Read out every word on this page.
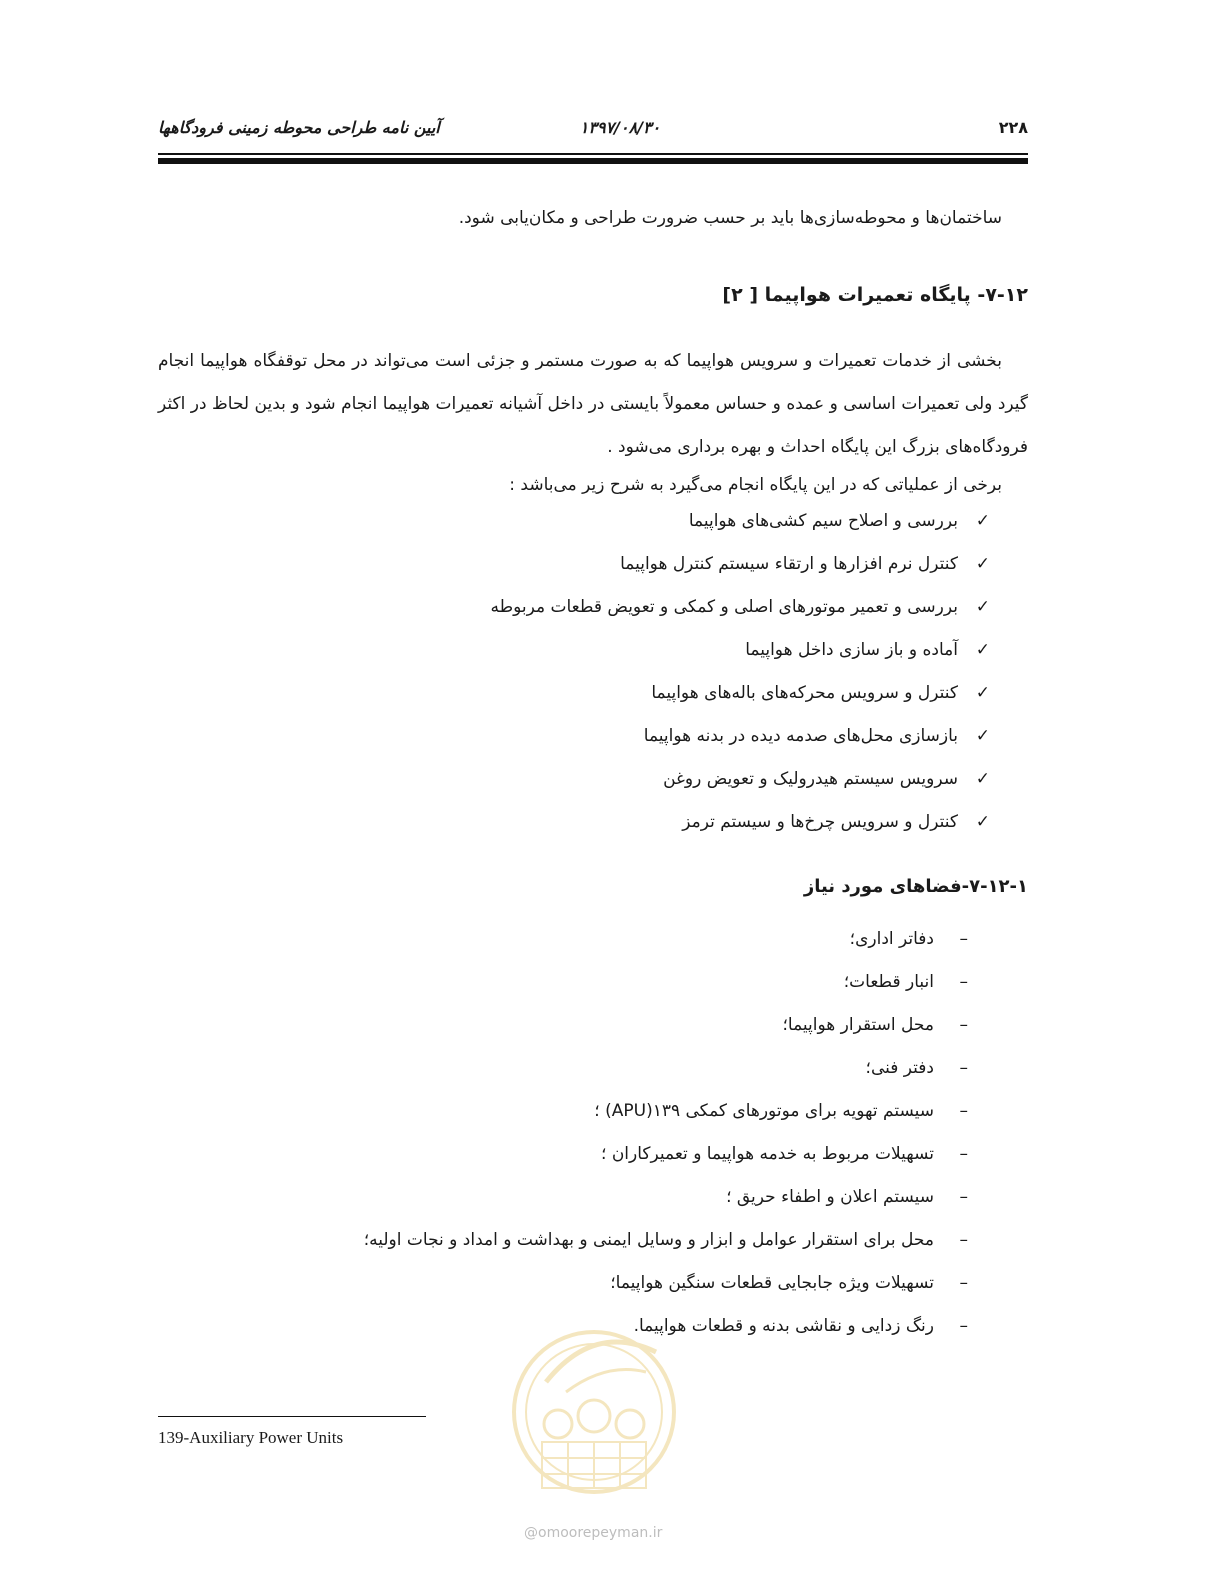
۲۲۸
۱۳۹۷/۰۸/۳۰
آیین نامه طراحی محوطه زمینی فرودگاهها
ساختمان‌ها و محوطه‌سازی‌ها باید بر حسب ضرورت طراحی و مکان‌یابی شود.
۷-۱۲- پایگاه تعمیرات هواپیما [ ۲]
بخشی از خدمات تعمیرات و سرویس هواپیما که به صورت مستمر و جزئی است می‌تواند در محل توقفگاه هواپیما انجام گیرد ولی تعمیرات اساسی و عمده و حساس معمولاً بایستی در داخل آشیانه تعمیرات هواپیما انجام شود و بدین لحاظ در اکثر فرودگاه‌های بزرگ این پایگاه احداث و بهره برداری می‌شود .
برخی از عملیاتی که در این پایگاه انجام می‌گیرد به شرح زیر می‌باشد :
✓
بررسی و اصلاح سیم کشی‌های هواپیما
✓
کنترل نرم افزارها و ارتقاء سیستم کنترل هواپیما
✓
بررسی و تعمیر موتورهای اصلی و کمکی و تعویض قطعات مربوطه
✓
آماده و باز سازی داخل هواپیما
✓
کنترل و سرویس محرکه‌های باله‌های هواپیما
✓
بازسازی محل‌های صدمه دیده در بدنه هواپیما
✓
سرویس سیستم هیدرولیک و تعویض روغن
✓
کنترل و سرویس چرخ‌ها و سیستم ترمز
۷-۱۲-۱-فضاهای مورد نیاز
–
دفاتر اداری؛
–
انبار قطعات؛
–
محل استقرار هواپیما؛
–
دفتر فنی؛
–
سیستم تهویه برای موتورهای کمکی ۱۳۹(APU) ؛
–
تسهیلات مربوط به خدمه هواپیما و تعمیرکاران ؛
–
سیستم اعلان و اطفاء حریق ؛
–
محل برای استقرار عوامل و ابزار و وسایل ایمنی و بهداشت و امداد و نجات اولیه؛
–
تسهیلات ویژه جابجایی قطعات سنگین هواپیما؛
–
رنگ زدایی و نقاشی بدنه و قطعات هواپیما.
@omoorepeyman.ir
139-Auxiliary Power Units
